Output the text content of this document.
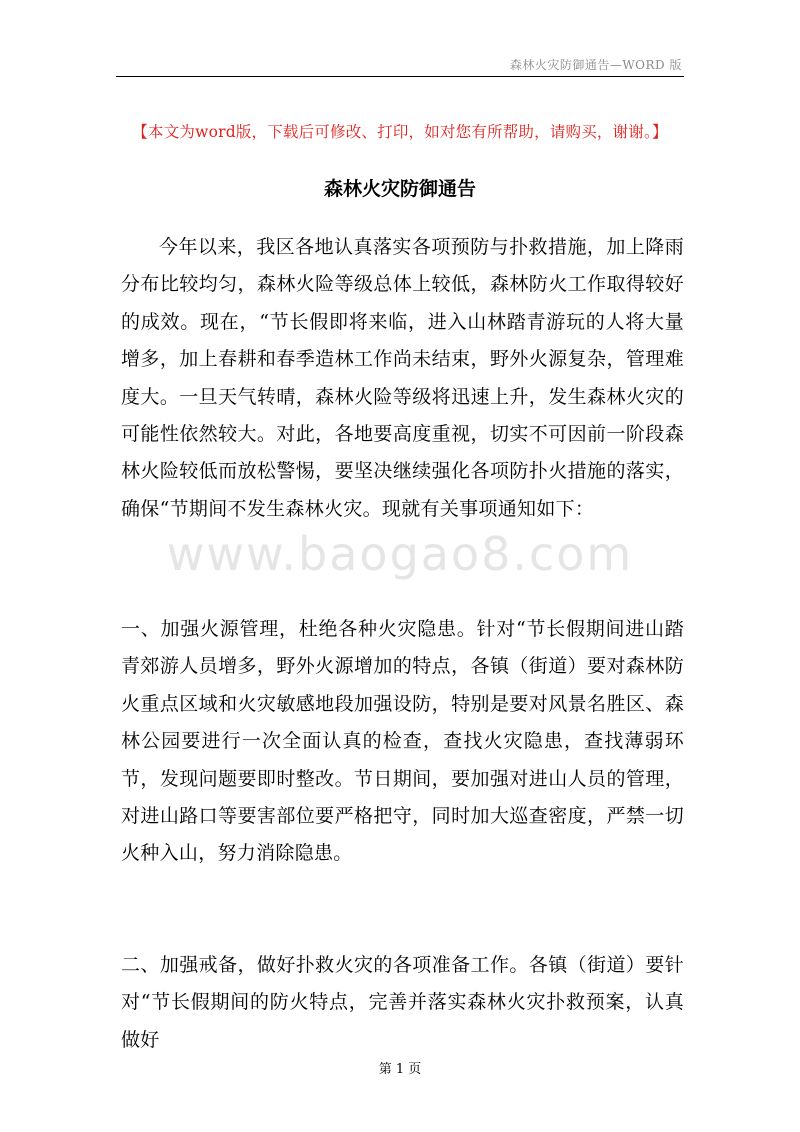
森林火灾防御通告—WORD 版
【本文为word版，下载后可修改、打印，如对您有所帮助，请购买，谢谢。】
森林火灾防御通告

今年以来，我区各地认真落实各项预防与扑救措施，加上降雨分布比较均匀，森林火险等级总体上较低，森林防火工作取得较好的成效。现在，“节长假即将来临，进入山林踏青游玩的人将大量增多，加上春耕和春季造林工作尚未结束，野外火源复杂，管理难度大。一旦天气转晴，森林火险等级将迅速上升，发生森林火灾的可能性依然较大。对此，各地要高度重视，切实不可因前一阶段森林火险较低而放松警惕，要坚决继续强化各项防扑火措施的落实，确保“节期间不发生森林火灾。现就有关事项通知如下：

www.baogao8.com

一、加强火源管理，杜绝各种火灾隐患。针对“节长假期间进山踏青郊游人员增多，野外火源增加的特点，各镇（街道）要对森林防火重点区域和火灾敏感地段加强设防，特别是要对风景名胜区、森林公园要进行一次全面认真的检查，查找火灾隐患，查找薄弱环节，发现问题要即时整改。节日期间，要加强对进山人员的管理，对进山路口等要害部位要严格把守，同时加大巡查密度，严禁一切火种入山，努力消除隐患。

二、加强戒备，做好扑救火灾的各项准备工作。各镇（街道）要针对“节长假期间的防火特点，完善并落实森林火灾扑救预案，认真做好

第 1 页
